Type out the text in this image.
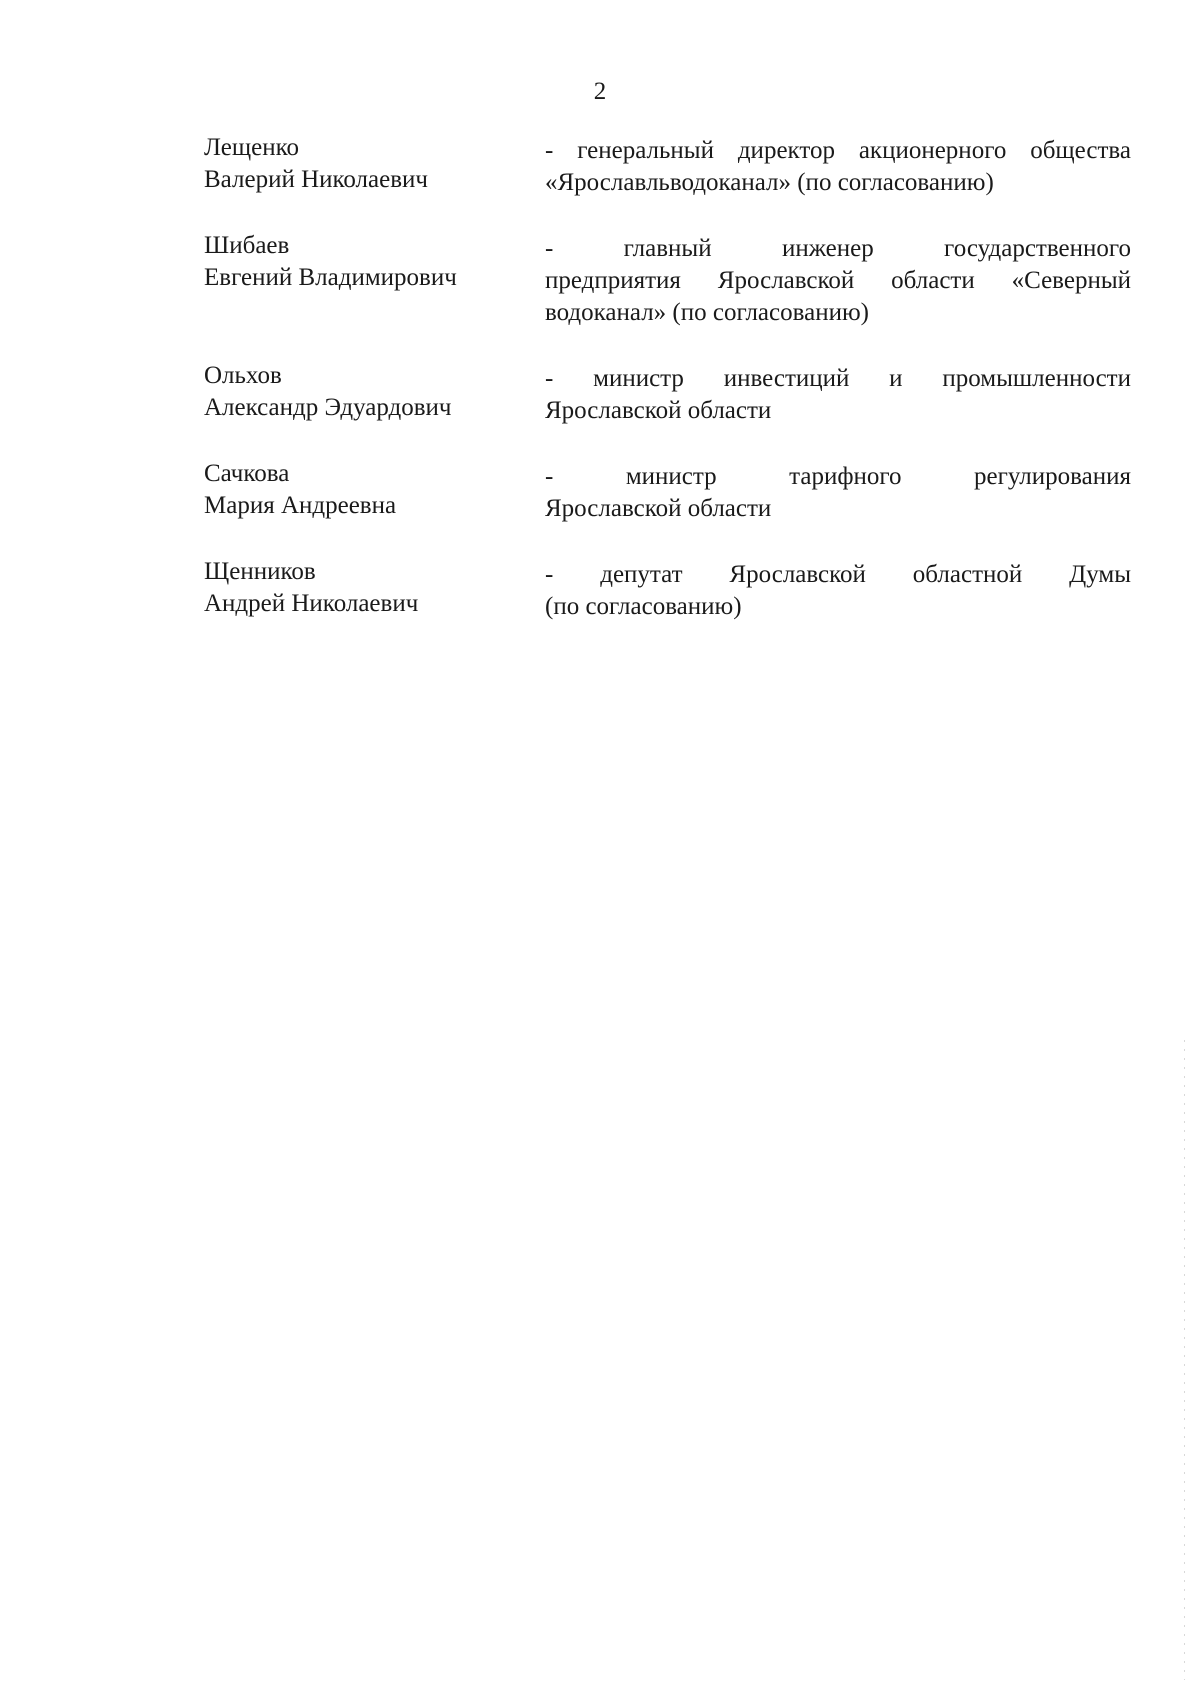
2
Лещенко
Валерий Николаевич
- генеральный директор акционерного общества
«Ярославльводоканал» (по согласованию)
Шибаев
Евгений Владимирович
- главный инженер государственного
предприятия Ярославской области «Северный
водоканал» (по согласованию)
Ольхов
Александр Эдуардович
- министр инвестиций и промышленности
Ярославской области
Сачкова
Мария Андреевна
- министр тарифного регулирования
Ярославской области
Щенников
Андрей Николаевич
- депутат Ярославской областной Думы
(по согласованию)
